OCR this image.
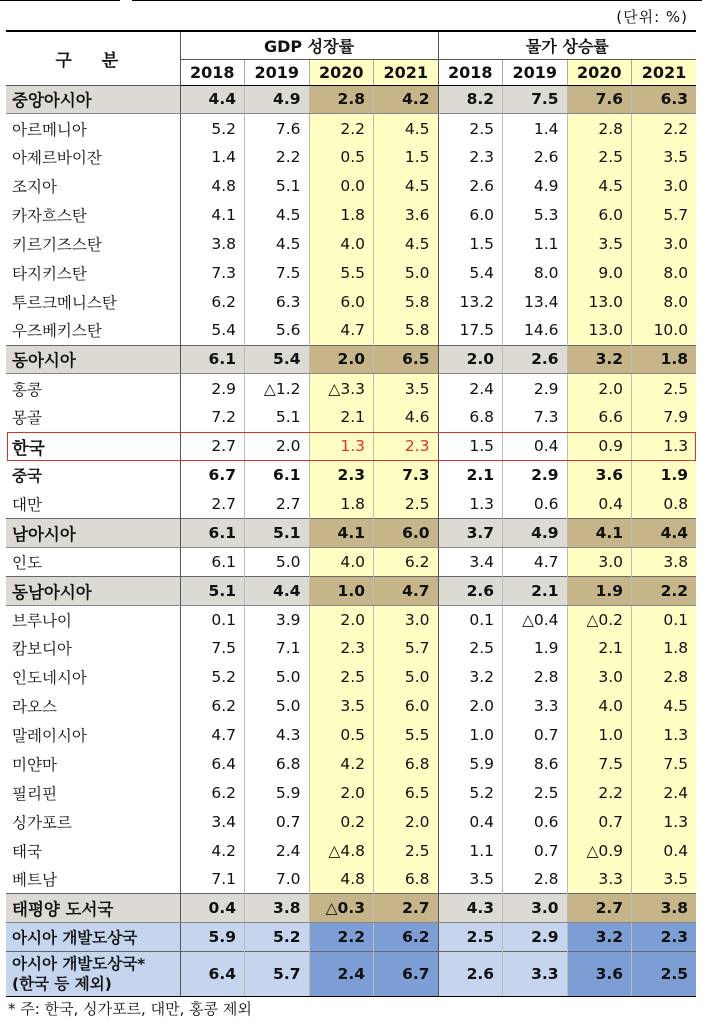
(단위: %)
구 분	GDP 성장률				물가 상승률			
	2018	2019	2020	2021	2018	2019	2020	2021
중앙아시아	4.4	4.9	2.8	4.2	8.2	7.5	7.6	6.3
아르메니아	5.2	7.6	2.2	4.5	2.5	1.4	2.8	2.2
아제르바이잔	1.4	2.2	0.5	1.5	2.3	2.6	2.5	3.5
조지아	4.8	5.1	0.0	4.5	2.6	4.9	4.5	3.0
카자흐스탄	4.1	4.5	1.8	3.6	6.0	5.3	6.0	5.7
키르기즈스탄	3.8	4.5	4.0	4.5	1.5	1.1	3.5	3.0
타지키스탄	7.3	7.5	5.5	5.0	5.4	8.0	9.0	8.0
투르크메니스탄	6.2	6.3	6.0	5.8	13.2	13.4	13.0	8.0
우즈베키스탄	5.4	5.6	4.7	5.8	17.5	14.6	13.0	10.0
동아시아	6.1	5.4	2.0	6.5	2.0	2.6	3.2	1.8
홍콩	2.9	△1.2	△3.3	3.5	2.4	2.9	2.0	2.5
몽골	7.2	5.1	2.1	4.6	6.8	7.3	6.6	7.9
한국	2.7	2.0	1.3	2.3	1.5	0.4	0.9	1.3
중국	6.7	6.1	2.3	7.3	2.1	2.9	3.6	1.9
대만	2.7	2.7	1.8	2.5	1.3	0.6	0.4	0.8
남아시아	6.1	5.1	4.1	6.0	3.7	4.9	4.1	4.4
인도	6.1	5.0	4.0	6.2	3.4	4.7	3.0	3.8
동남아시아	5.1	4.4	1.0	4.7	2.6	2.1	1.9	2.2
브루나이	0.1	3.9	2.0	3.0	0.1	△0.4	△0.2	0.1
캄보디아	7.5	7.1	2.3	5.7	2.5	1.9	2.1	1.8
인도네시아	5.2	5.0	2.5	5.0	3.2	2.8	3.0	2.8
라오스	6.2	5.0	3.5	6.0	2.0	3.3	4.0	4.5
말레이시아	4.7	4.3	0.5	5.5	1.0	0.7	1.0	1.3
미얀마	6.4	6.8	4.2	6.8	5.9	8.6	7.5	7.5
필리핀	6.2	5.9	2.0	6.5	5.2	2.5	2.2	2.4
싱가포르	3.4	0.7	0.2	2.0	0.4	0.6	0.7	1.3
태국	4.2	2.4	△4.8	2.5	1.1	0.7	△0.9	0.4
베트남	7.1	7.0	4.8	6.8	3.5	2.8	3.3	3.5
태평양 도서국	0.4	3.8	△0.3	2.7	4.3	3.0	2.7	3.8
아시아 개발도상국	5.9	5.2	2.2	6.2	2.5	2.9	3.2	2.3
아시아 개발도상국*
(한국 등 제외)	6.4	5.7	2.4	6.7	2.6	3.3	3.6	2.5
* 주: 한국, 싱가포르, 대만, 홍콩 제외
